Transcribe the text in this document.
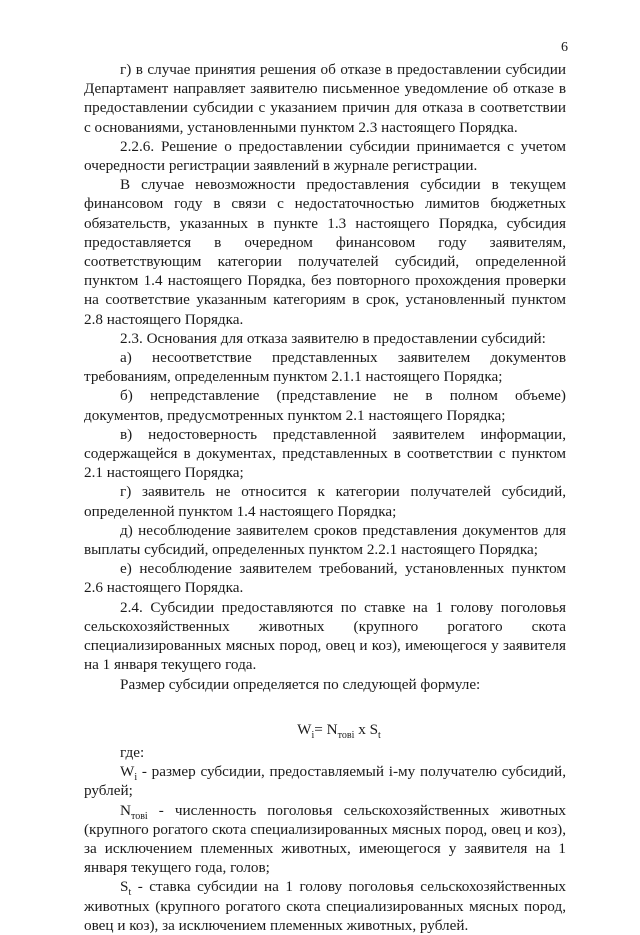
6

г) в случае принятия решения об отказе в предоставлении субсидии Департамент направляет заявителю письменное уведомление об отказе в предоставлении субсидии с указанием причин для отказа в соответствии с основаниями, установленными пунктом 2.3 настоящего Порядка.

2.2.6. Решение о предоставлении субсидии принимается с учетом очередности регистрации заявлений в журнале регистрации.

В случае невозможности предоставления субсидии в текущем финансовом году в связи с недостаточностью лимитов бюджетных обязательств, указанных в пункте 1.3 настоящего Порядка, субсидия предоставляется в очередном финансовом году заявителям, соответствующим категории получателей субсидий, определенной пунктом 1.4 настоящего Порядка, без повторного прохождения проверки на соответствие указанным категориям в срок, установленный пунктом 2.8 настоящего Порядка.

2.3. Основания для отказа заявителю в предоставлении субсидий:

а) несоответствие представленных заявителем документов требованиям, определенным пунктом 2.1.1 настоящего Порядка;

б) непредставление (представление не в полном объеме) документов, предусмотренных пунктом 2.1 настоящего Порядка;

в) недостоверность представленной заявителем информации, содержащейся в документах, представленных в соответствии с пунктом 2.1 настоящего Порядка;

г) заявитель не относится к категории получателей субсидий, определенной пунктом 1.4 настоящего Порядка;

д) несоблюдение заявителем сроков представления документов для выплаты субсидий, определенных пунктом 2.2.1 настоящего Порядка;

е) несоблюдение заявителем требований, установленных пунктом 2.6 настоящего Порядка.

2.4. Субсидии предоставляются по ставке на 1 голову поголовья сельскохозяйственных животных (крупного рогатого скота специализированных мясных пород, овец и коз), имеющегося у заявителя на 1 января текущего года.

Размер субсидии определяется по следующей формуле:

$W_i= N_{тові}$ x $S_t$

где:

$W_i$ - размер субсидии, предоставляемый i-му получателю субсидий, рублей;

$N_{тові}$ - численность поголовья сельскохозяйственных животных (крупного рогатого скота специализированных мясных пород, овец и коз), за исключением племенных животных, имеющегося у заявителя на 1 января текущего года, голов;

$S_t$ - ставка субсидии на 1 голову поголовья сельскохозяйственных животных (крупного рогатого скота специализированных мясных пород, овец и коз), за исключением племенных животных, рублей.
